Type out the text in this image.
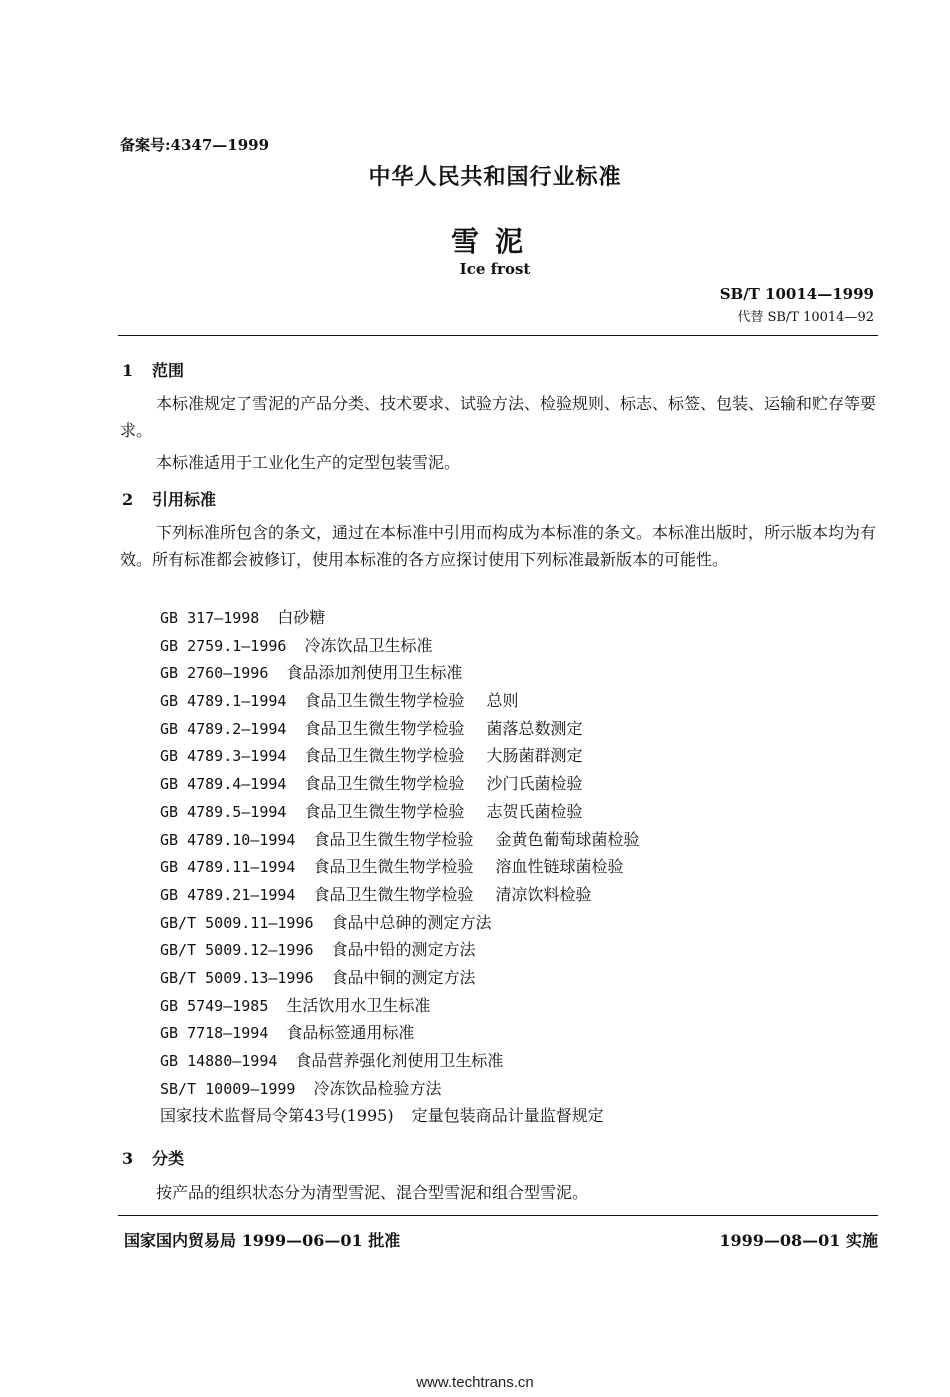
备案号:4347—1999
中华人民共和国行业标准
雪泥
Ice frost
SB/T 10014—1999
代替 SB/T 10014—92
1 范围
本标准规定了雪泥的产品分类、技术要求、试验方法、检验规则、标志、标签、包装、运输和贮存等要求。
本标准适用于工业化生产的定型包装雪泥。
2 引用标准
下列标准所包含的条文，通过在本标准中引用而构成为本标准的条文。本标准出版时，所示版本均为有效。所有标准都会被修订，使用本标准的各方应探讨使用下列标准最新版本的可能性。
GB 317—1998 白砂糖
GB 2759.1—1996 冷冻饮品卫生标准
GB 2760—1996 食品添加剂使用卫生标准
GB 4789.1—1994 食品卫生微生物学检验 总则
GB 4789.2—1994 食品卫生微生物学检验 菌落总数测定
GB 4789.3—1994 食品卫生微生物学检验 大肠菌群测定
GB 4789.4—1994 食品卫生微生物学检验 沙门氏菌检验
GB 4789.5—1994 食品卫生微生物学检验 志贺氏菌检验
GB 4789.10—1994 食品卫生微生物学检验 金黄色葡萄球菌检验
GB 4789.11—1994 食品卫生微生物学检验 溶血性链球菌检验
GB 4789.21—1994 食品卫生微生物学检验 清凉饮料检验
GB/T 5009.11—1996 食品中总砷的测定方法
GB/T 5009.12—1996 食品中铅的测定方法
GB/T 5009.13—1996 食品中铜的测定方法
GB 5749—1985 生活饮用水卫生标准
GB 7718—1994 食品标签通用标准
GB 14880—1994 食品营养强化剂使用卫生标准
SB/T 10009—1999 冷冻饮品检验方法
国家技术监督局令第43号(1995) 定量包装商品计量监督规定
3 分类
按产品的组织状态分为清型雪泥、混合型雪泥和组合型雪泥。
国家国内贸易局 1999—06—01 批准	1999—08—01 实施
www.techtrans.cn
